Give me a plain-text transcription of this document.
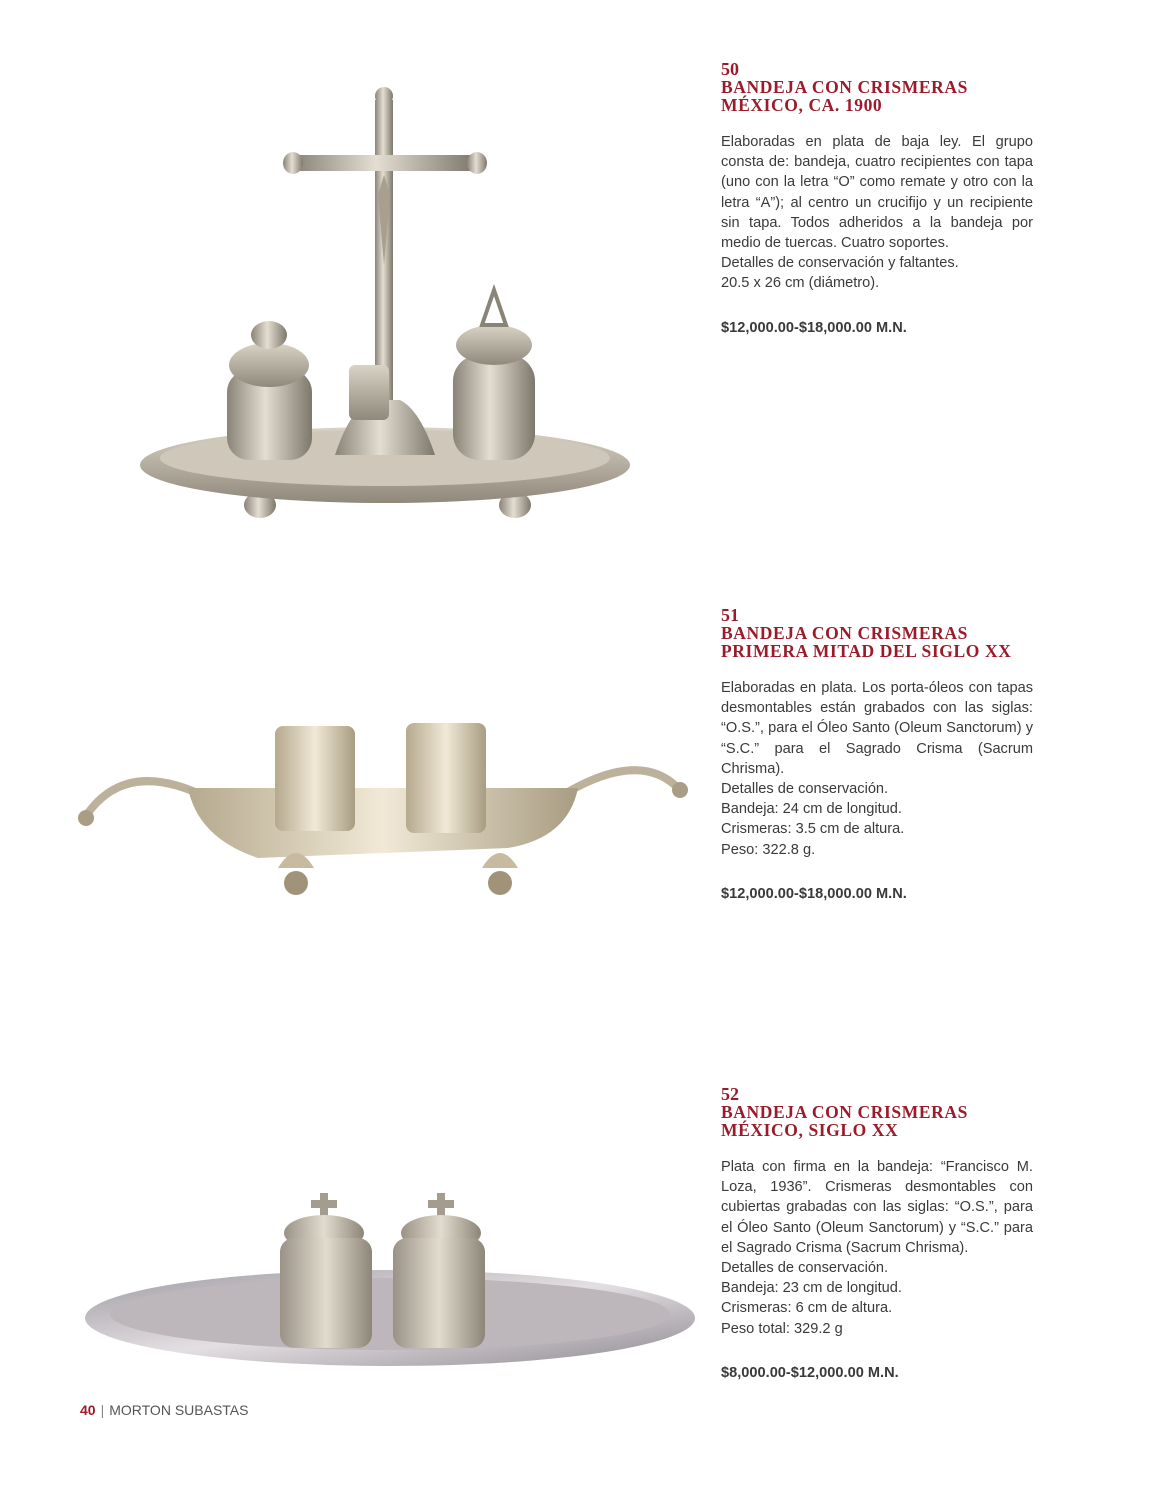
50
BANDEJA CON CRISMERAS
MÉXICO, CA. 1900

Elaboradas en plata de baja ley. El grupo consta de: bandeja, cuatro recipientes con tapa (uno con la letra “O” como remate y otro con la letra “A”); al centro un crucifijo y un recipiente sin tapa. Todos adheridos a la bandeja por medio de tuercas. Cuatro soportes.

Detalles de conservación y faltantes.

20.5 x 26 cm (diámetro).

$12,000.00-$18,000.00 M.N.
51
BANDEJA CON CRISMERAS
PRIMERA MITAD DEL SIGLO XX

Elaboradas en plata. Los porta-óleos con tapas desmontables están grabados con las siglas: “O.S.”, para el Óleo Santo (Oleum Sanctorum) y “S.C.” para el Sagrado Crisma (Sacrum Chrisma).

Detalles de conservación.

Bandeja: 24 cm de longitud.

Crismeras: 3.5 cm de altura.

Peso: 322.8 g.

$12,000.00-$18,000.00 M.N.
52
BANDEJA CON CRISMERAS
MÉXICO, SIGLO XX

Plata con firma en la bandeja: “Francisco M. Loza, 1936”. Crismeras desmontables con cubiertas grabadas con las siglas: “O.S.”, para el Óleo Santo (Oleum Sanctorum) y “S.C.” para el Sagrado Crisma (Sacrum Chrisma).

Detalles de conservación.

Bandeja: 23 cm de longitud.

Crismeras: 6 cm de altura.

Peso total: 329.2 g

$8,000.00-$12,000.00 M.N.
40 | MORTON SUBASTAS
